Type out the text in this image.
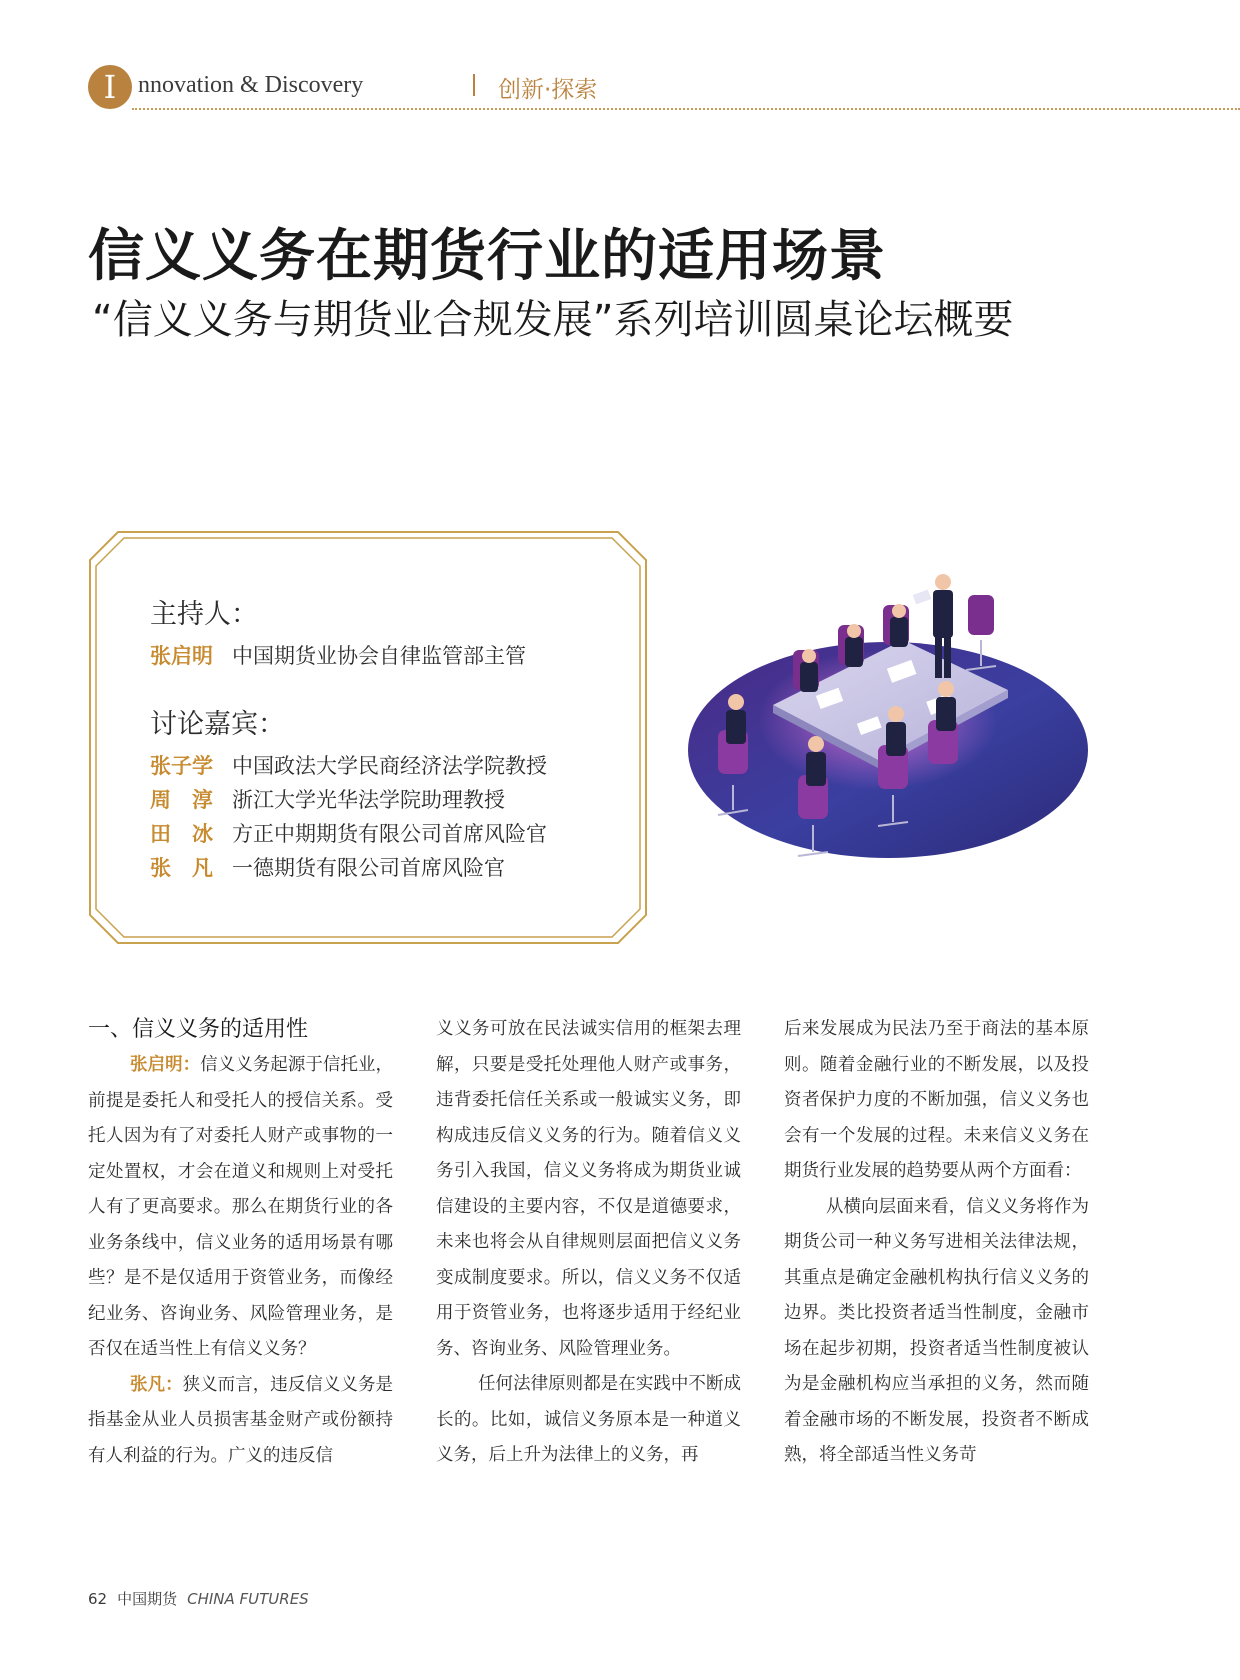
I nnovation & Discovery	创新·探索
信义义务在期货行业的适用场景
“信义义务与期货业合规发展”系列培训圆桌论坛概要
主持人：
张启明 中国期货业协会自律监管部主管
讨论嘉宾：
张子学 中国政法大学民商经济法学院教授
周　淳 浙江大学光华法学院助理教授
田　冰 方正中期期货有限公司首席风险官
张　凡 一德期货有限公司首席风险官
一、信义义务的适用性

张启明：信义义务起源于信托业，前提是委托人和受托人的授信关系。受托人因为有了对委托人财产或事物的一定处置权，才会在道义和规则上对受托人有了更高要求。那么在期货行业的各业务条线中，信义业务的适用场景有哪些？是不是仅适用于资管业务，而像经纪业务、咨询业务、风险管理业务，是否仅在适当性上有信义义务？

张凡：狭义而言，违反信义义务是指基金从业人员损害基金财产或份额持有人利益的行为。广义的违反信

义义务可放在民法诚实信用的框架去理解，只要是受托处理他人财产或事务，违背委托信任关系或一般诚实义务，即构成违反信义义务的行为。随着信义义务引入我国，信义义务将成为期货业诚信建设的主要内容，不仅是道德要求，未来也将会从自律规则层面把信义义务变成制度要求。所以，信义义务不仅适用于资管业务，也将逐步适用于经纪业务、咨询业务、风险管理业务。

任何法律原则都是在实践中不断成长的。比如，诚信义务原本是一种道义义务，后上升为法律上的义务，再

后来发展成为民法乃至于商法的基本原则。随着金融行业的不断发展，以及投资者保护力度的不断加强，信义义务也会有一个发展的过程。未来信义义务在期货行业发展的趋势要从两个方面看：

从横向层面来看，信义义务将作为期货公司一种义务写进相关法律法规，其重点是确定金融机构执行信义义务的边界。类比投资者适当性制度，金融市场在起步初期，投资者适当性制度被认为是金融机构应当承担的义务，然而随着金融市场的不断发展，投资者不断成熟，将全部适当性义务苛

62 中国期货 CHINA FUTURES
